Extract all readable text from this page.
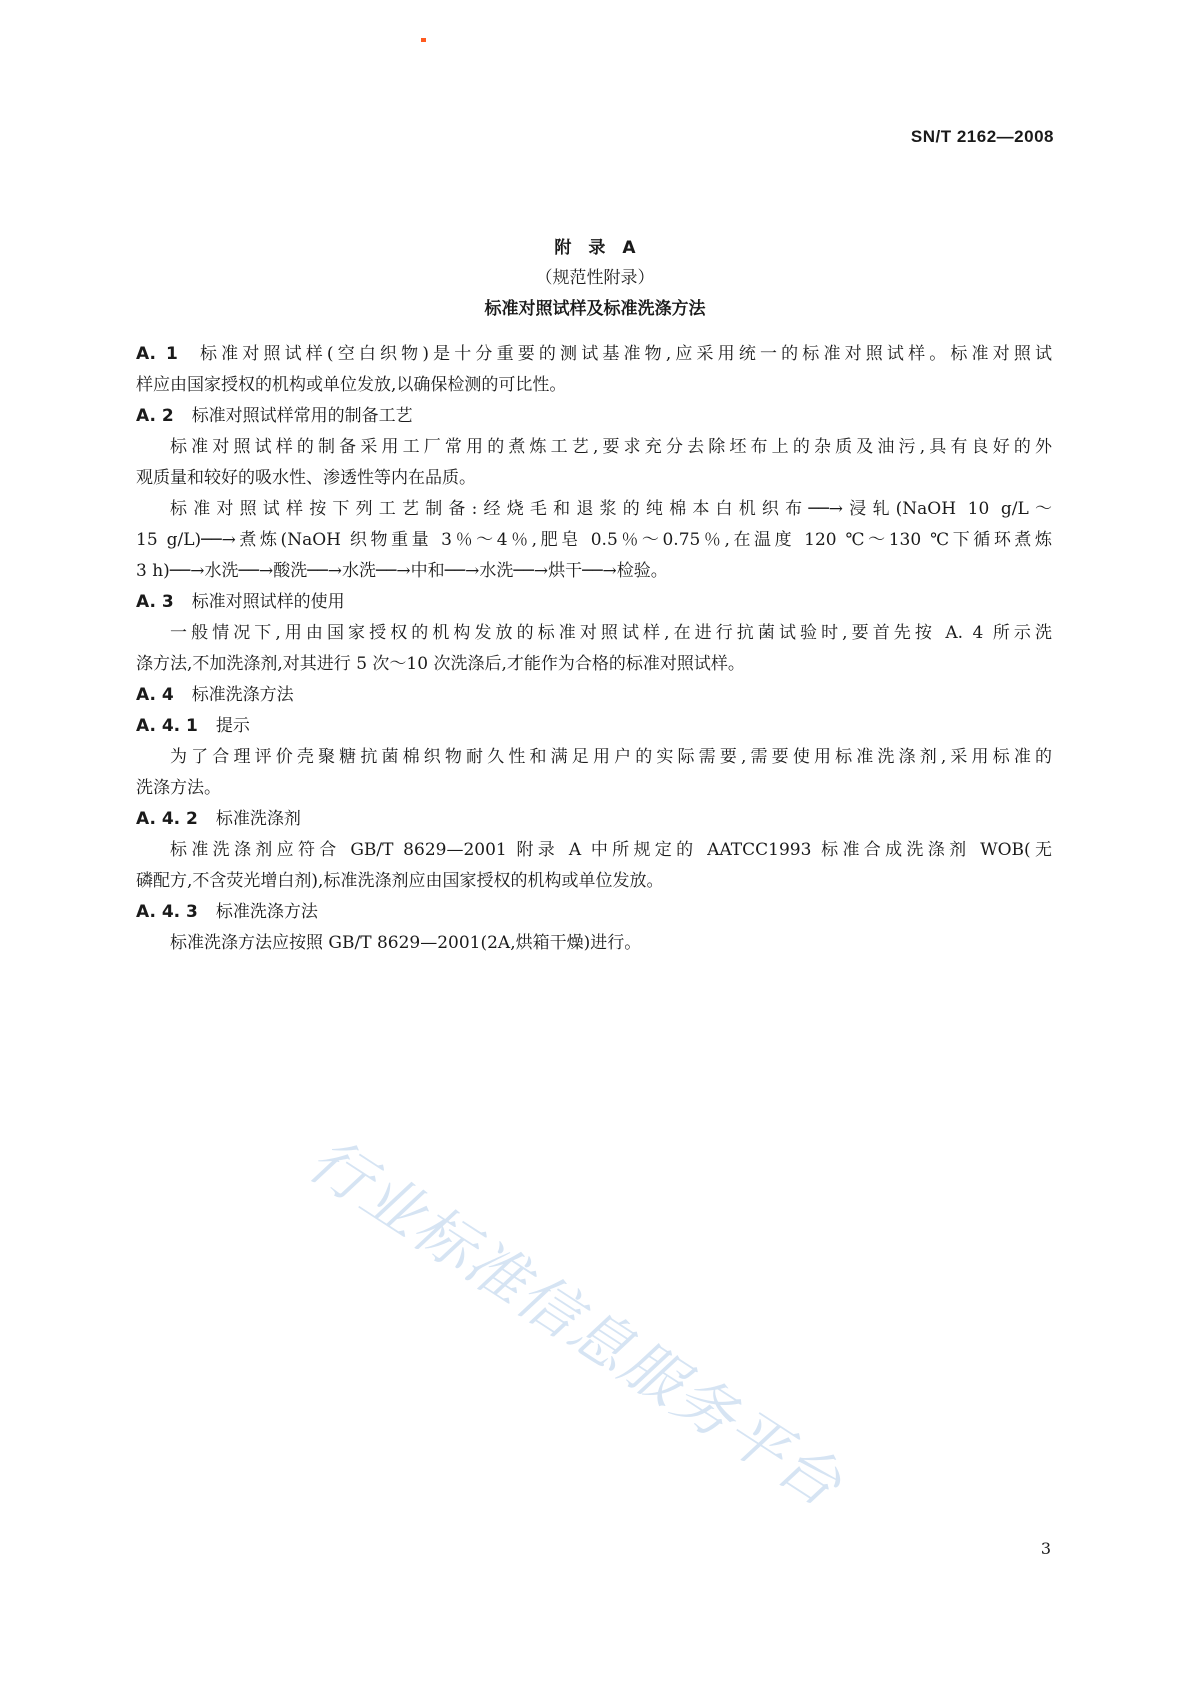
SN/T 2162—2008
附　录　A
（规范性附录）
标准对照试样及标准洗涤方法
A. 1 标准对照试样(空白织物)是十分重要的测试基准物,应采用统一的标准对照试样。标准对照试
样应由国家授权的机构或单位发放,以确保检测的可比性。
A. 2 标准对照试样常用的制备工艺
标准对照试样的制备采用工厂常用的煮炼工艺,要求充分去除坯布上的杂质及油污,具有良好的外
观质量和较好的吸水性、渗透性等内在品质。
标准对照试样按下列工艺制备:经烧毛和退浆的纯棉本白机织布──→浸轧(NaOH 10 g/L～
15 g/L)──→煮炼(NaOH 织物重量 3％～4％,肥皂 0.5％～0.75％,在温度 120 ℃～130 ℃下循环煮炼
3 h)──→水洗──→酸洗──→水洗──→中和──→水洗──→烘干──→检验。
A. 3 标准对照试样的使用
一般情况下,用由国家授权的机构发放的标准对照试样,在进行抗菌试验时,要首先按 A. 4 所示洗
涤方法,不加洗涤剂,对其进行 5 次～10 次洗涤后,才能作为合格的标准对照试样。
A. 4 标准洗涤方法
A. 4. 1 提示
为了合理评价壳聚糖抗菌棉织物耐久性和满足用户的实际需要,需要使用标准洗涤剂,采用标准的
洗涤方法。
A. 4. 2 标准洗涤剂
标准洗涤剂应符合 GB/T 8629—2001 附录 A 中所规定的 AATCC1993 标准合成洗涤剂 WOB(无
磷配方,不含荧光增白剂),标准洗涤剂应由国家授权的机构或单位发放。
A. 4. 3 标准洗涤方法
标准洗涤方法应按照 GB/T 8629—2001(2A,烘箱干燥)进行。
行业标准信息服务平台
3
